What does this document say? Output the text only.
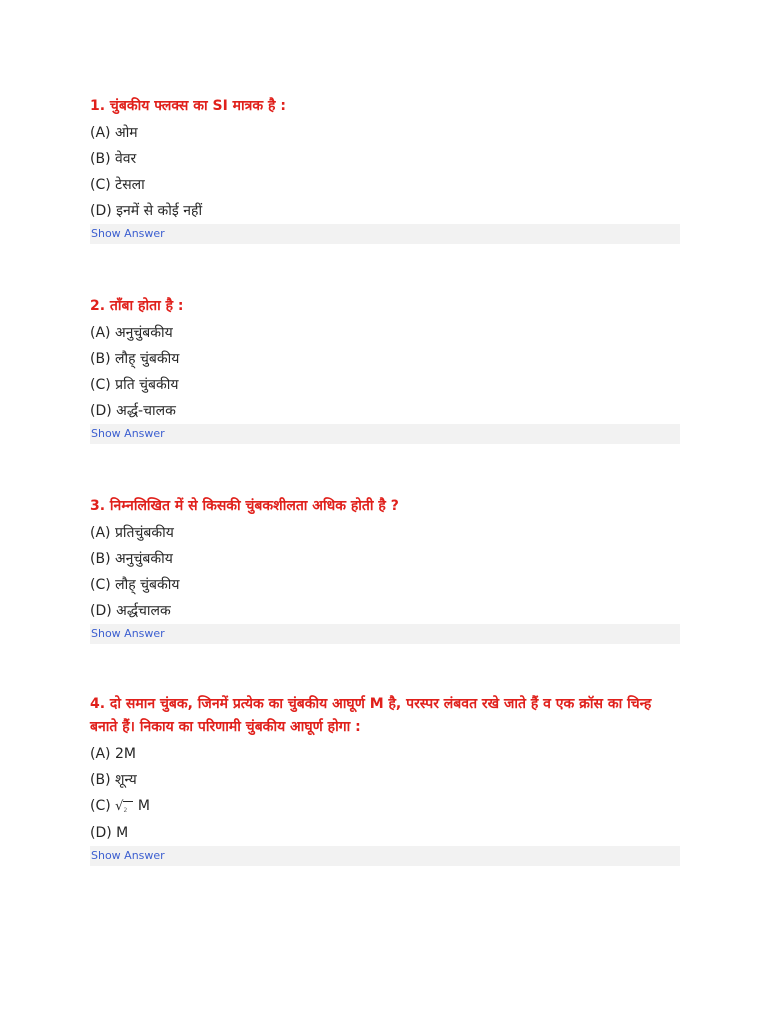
1. चुंबकीय फ्लक्स का SI मात्रक है :
(A) ओम
(B) वेवर
(C) टेसला
(D) इनमें से कोई नहीं
Show Answer
2. ताँबा होता है :
(A) अनुचुंबकीय
(B) लौह् चुंबकीय
(C) प्रति चुंबकीय
(D) अर्द्ध-चालक
Show Answer
3. निम्नलिखित में से किसकी चुंबकशीलता अधिक होती है ?
(A) प्रतिचुंबकीय
(B) अनुचुंबकीय
(C) लौह् चुंबकीय
(D) अर्द्धचालक
Show Answer
4. दो समान चुंबक, जिनमें प्रत्येक का चुंबकीय आघूर्ण M है, परस्पर लंबवत रखे जाते हैं व एक क्रॉस का चिन्ह बनाते हैं। निकाय का परिणामी चुंबकीय आघूर्ण होगा :
(A) 2M
(B) शून्य
(C) √2 M
(D) M
Show Answer
